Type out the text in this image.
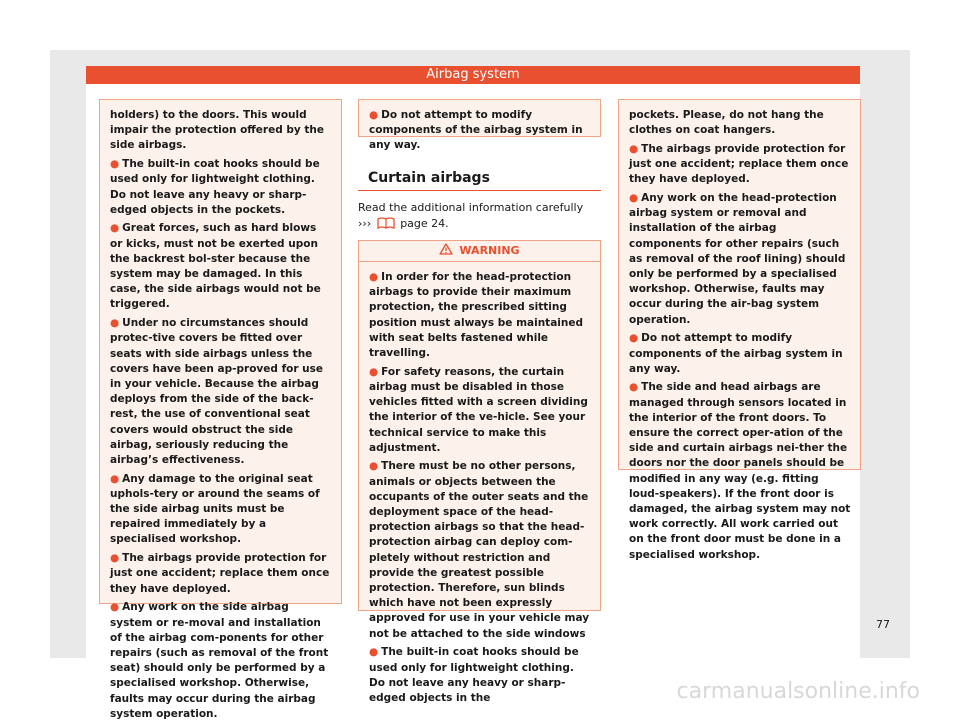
Airbag system

holders) to the doors. This would impair the protection offered by the side airbags.

● The built-in coat hooks should be used only for lightweight clothing. Do not leave any heavy or sharp-edged objects in the pockets.

● Great forces, such as hard blows or kicks, must not be exerted upon the backrest bol-ster because the system may be damaged. In this case, the side airbags would not be triggered.

● Under no circumstances should protec-tive covers be fitted over seats with side airbags unless the covers have been ap-proved for use in your vehicle. Because the airbag deploys from the side of the back-rest, the use of conventional seat covers would obstruct the side airbag, seriously reducing the airbag’s effectiveness.

● Any damage to the original seat uphols-tery or around the seams of the side airbag units must be repaired immediately by a specialised workshop.

● The airbags provide protection for just one accident; replace them once they have deployed.

● Any work on the side airbag system or re-moval and installation of the airbag com-ponents for other repairs (such as removal of the front seat) should only be performed by a specialised workshop. Otherwise, faults may occur during the airbag system operation.

● Do not attempt to modify components of the airbag system in any way.

Curtain airbags
Read the additional information carefully
›››	page 24.
WARNING

● In order for the head-protection airbags to provide their maximum protection, the prescribed sitting position must always be maintained with seat belts fastened while travelling.

● For safety reasons, the curtain airbag must be disabled in those vehicles fitted with a screen dividing the interior of the ve-hicle. See your technical service to make this adjustment.

● There must be no other persons, animals or objects between the occupants of the outer seats and the deployment space of the head-protection airbags so that the head-protection airbag can deploy com-pletely without restriction and provide the greatest possible protection. Therefore, sun blinds which have not been expressly approved for use in your vehicle may not be attached to the side windows

● The built-in coat hooks should be used only for lightweight clothing. Do not leave any heavy or sharp-edged objects in the

pockets. Please, do not hang the clothes on coat hangers.

● The airbags provide protection for just one accident; replace them once they have deployed.

● Any work on the head-protection airbag system or removal and installation of the airbag components for other repairs (such as removal of the roof lining) should only be performed by a specialised workshop. Otherwise, faults may occur during the air-bag system operation.

● Do not attempt to modify components of the airbag system in any way.

● The side and head airbags are managed through sensors located in the interior of the front doors. To ensure the correct oper-ation of the side and curtain airbags nei-ther the doors nor the door panels should be modified in any way (e.g. fitting loud-speakers). If the front door is damaged, the airbag system may not work correctly. All work carried out on the front door must be done in a specialised workshop.

77
carmanualsonline.info
